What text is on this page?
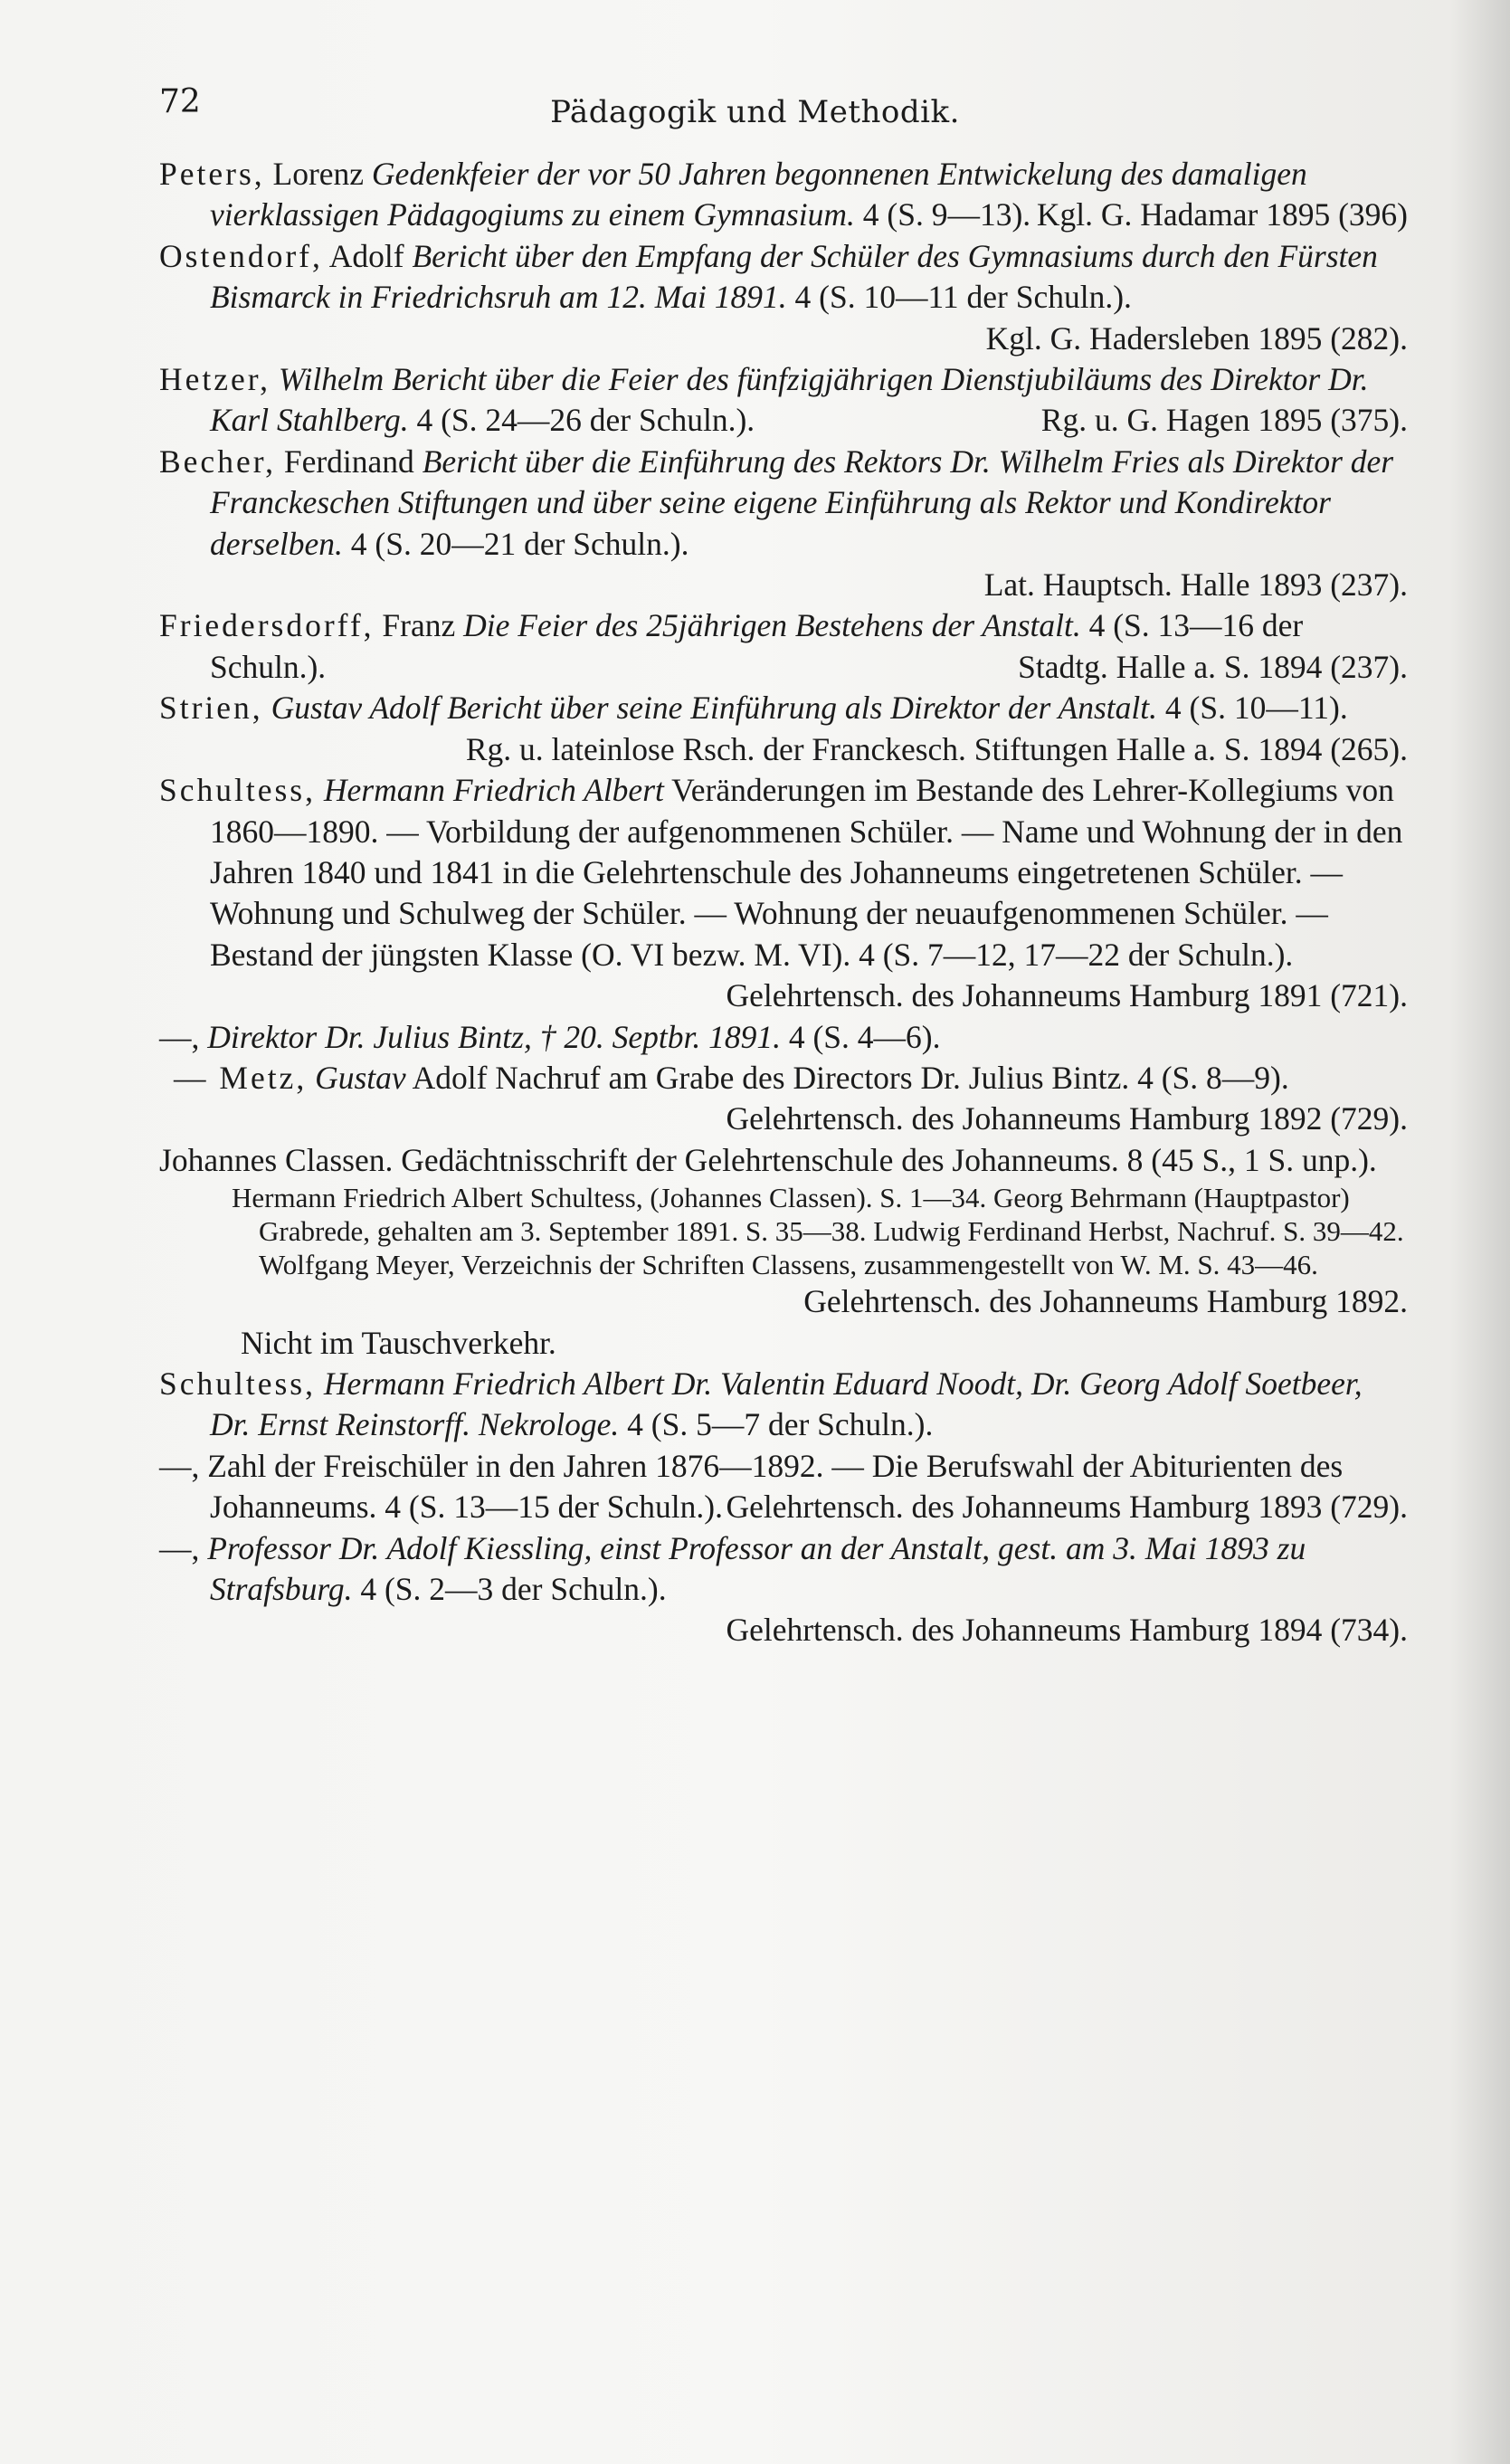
72	Pädagogik und Methodik.
Peters, Lorenz Gedenkfeier der vor 50 Jahren begonnenen Entwickelung des damaligen vierklassigen Pädagogiums zu einem Gymnasium. 4 (S. 9—13). Kgl. G. Hadamar 1895 (396)
Ostendorf, Adolf Bericht über den Empfang der Schüler des Gymnasiums durch den Fürsten Bismarck in Friedrichsruh am 12. Mai 1891. 4 (S. 10—11 der Schuln.).
Kgl. G. Hadersleben 1895 (282).
Hetzer, Wilhelm Bericht über die Feier des fünfzigjährigen Dienstjubiläums des Direktor Dr. Karl Stahlberg. 4 (S. 24—26 der Schuln.).	Rg. u. G. Hagen 1895 (375).
Becher, Ferdinand Bericht über die Einführung des Rektors Dr. Wilhelm Fries als Direktor der Franckeschen Stiftungen und über seine eigene Einführung als Rektor und Kondirektor derselben. 4 (S. 20—21 der Schuln.).
Lat. Hauptsch. Halle 1893 (237).
Friedersdorff, Franz Die Feier des 25jährigen Bestehens der Anstalt. 4 (S. 13—16 der Schuln.).	Stadtg. Halle a. S. 1894 (237).
Strien, Gustav Adolf Bericht über seine Einführung als Direktor der Anstalt. 4 (S. 10—11).
Rg. u. lateinlose Rsch. der Franckesch. Stiftungen Halle a. S. 1894 (265).
Schultess, Hermann Friedrich Albert Veränderungen im Bestande des Lehrer-Kollegiums von 1860—1890. — Vorbildung der aufgenommenen Schüler. — Name und Wohnung der in den Jahren 1840 und 1841 in die Gelehrtenschule des Johanneums eingetretenen Schüler. — Wohnung und Schulweg der Schüler. — Wohnung der neuaufgenommenen Schüler. — Bestand der jüngsten Klasse (O. VI bezw. M. VI). 4 (S. 7—12, 17—22 der Schuln.).
Gelehrtensch. des Johanneums Hamburg 1891 (721).
—, Direktor Dr. Julius Bintz, † 20. Septbr. 1891. 4 (S. 4—6).
— Metz, Gustav Adolf Nachruf am Grabe des Directors Dr. Julius Bintz. 4 (S. 8—9).
Gelehrtensch. des Johanneums Hamburg 1892 (729).
Johannes Classen. Gedächtnisschrift der Gelehrtenschule des Johanneums. 8 (45 S., 1 S. unp.).
Hermann Friedrich Albert Schultess, (Johannes Classen). S. 1—34. Georg Behrmann (Hauptpastor) Grabrede, gehalten am 3. September 1891. S. 35—38. Ludwig Ferdinand Herbst, Nachruf. S. 39—42. Wolfgang Meyer, Verzeichnis der Schriften Classens, zusammengestellt von W. M. S. 43—46.
Gelehrtensch. des Johanneums Hamburg 1892.
Nicht im Tauschverkehr.
Schultess, Hermann Friedrich Albert Dr. Valentin Eduard Noodt, Dr. Georg Adolf Soetbeer, Dr. Ernst Reinstorff. Nekrologe. 4 (S. 5—7 der Schuln.).
—, Zahl der Freischüler in den Jahren 1876—1892. — Die Berufswahl der Abiturienten des Johanneums. 4 (S. 13—15 der Schuln.). Gelehrtensch. des Johanneums Hamburg 1893 (729).
—, Professor Dr. Adolf Kiessling, einst Professor an der Anstalt, gest. am 3. Mai 1893 zu Strafsburg. 4 (S. 2—3 der Schuln.).
Gelehrtensch. des Johanneums Hamburg 1894 (734).
